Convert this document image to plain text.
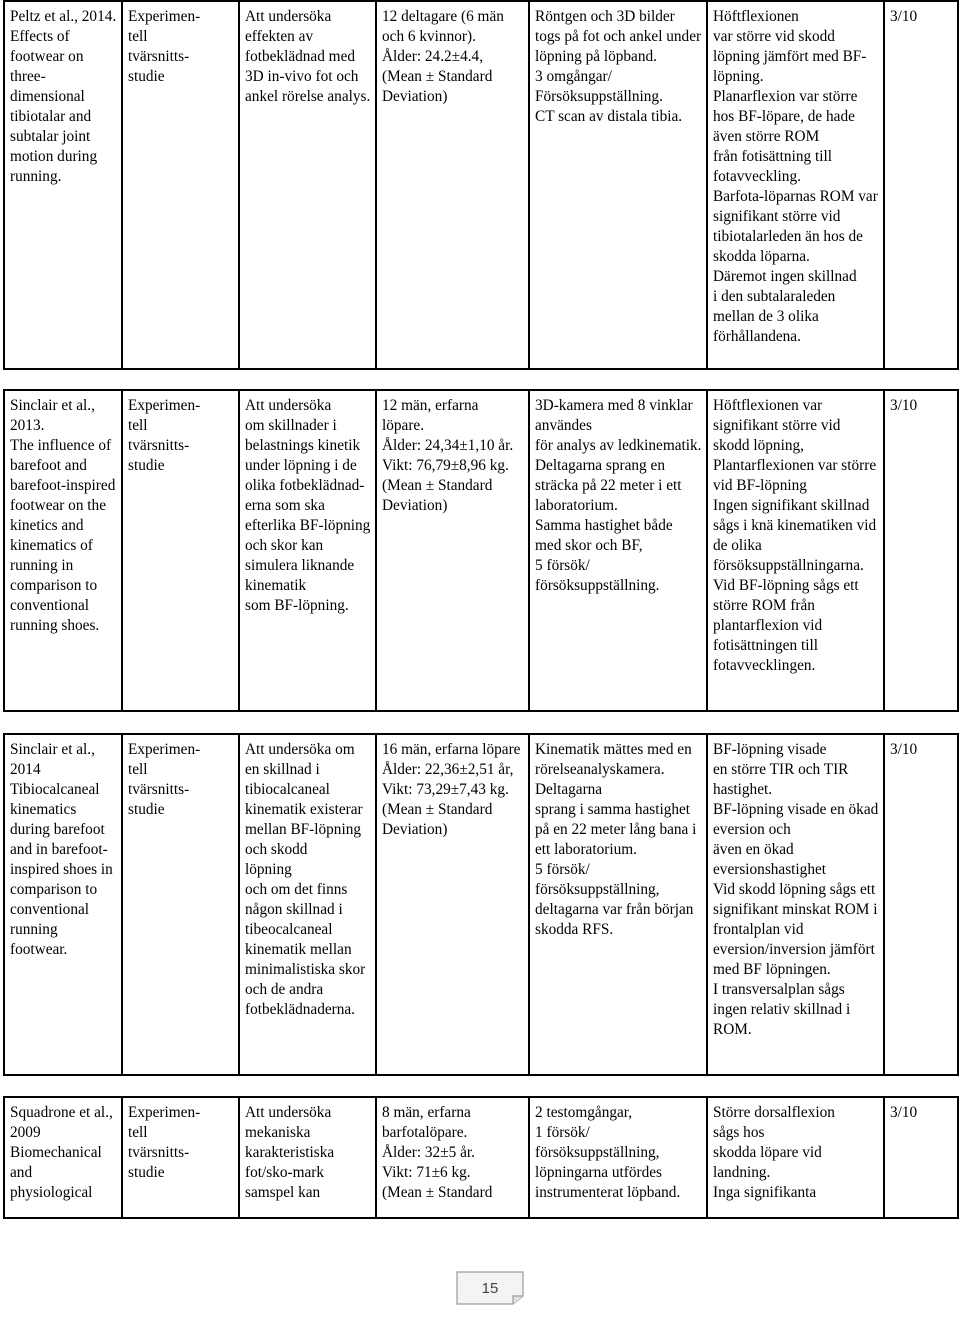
Peltz et al., 2014.
Effects of footwear on three-dimensional tibiotalar and subtalar joint motion during running.	Experimen-
tell
tvärsnitts-
studie	Att undersöka effekten av fotbeklädnad med 3D in-vivo fot och ankel rörelse analys.	12 deltagare (6 män och 6 kvinnor).
Ålder: 24.2±4.4,
(Mean ± Standard Deviation)	Röntgen och 3D bilder togs på fot och ankel under löpning på löpband.
3 omgångar/ Försöksuppställning.
CT scan av distala tibia.	Höftflexionen
var större vid skodd löpning jämfört med BF-löpning.
Planarflexion var större hos BF-löpare, de hade även större ROM
från fotisättning till fotavveckling.
Barfota-löparnas ROM var signifikant större vid tibiotalarleden än hos de skodda löparna.
Däremot ingen skillnad
i den subtalaraleden mellan de 3 olika förhållandena.	3/10
Sinclair et al., 2013.
The influence of barefoot and barefoot-inspired footwear on the kinetics and kinematics of running in comparison to conventional running shoes.	Experimen-
tell
tvärsnitts-
studie	Att undersöka
om skillnader i belastnings kinetik under löpning i de olika fotbeklädnad-
erna som ska efterlika BF-löpning och skor kan simulera liknande
kinematik
som BF-löpning.	12 män, erfarna löpare.
Ålder: 24,34±1,10 år.
Vikt: 76,79±8,96 kg.
(Mean ± Standard Deviation)	3D-kamera med 8 vinklar användes
för analys av ledkinematik.
Deltagarna sprang en sträcka på 22 meter i ett laboratorium.
Samma hastighet både med skor och BF,
5 försök/
försöksuppställning.	Höftflexionen var signifikant större vid skodd löpning,
Plantarflexionen var större vid BF-löpning
Ingen signifikant skillnad sågs i knä kinematiken vid de olika
försöksuppställningarna.
Vid BF-löpning sågs ett större ROM från plantarflexion vid fotisättningen till fotavvecklingen.	3/10
Sinclair et al., 2014
Tibiocalcaneal kinematics during barefoot and in barefoot-inspired shoes in comparison to conventional running footwear.	Experimen-
tell
tvärsnitts-
studie	Att undersöka om en skillnad i tibiocalcaneal kinematik existerar mellan BF-löpning
och skodd
löpning
och om det finns någon skillnad i tibeocalcaneal kinematik mellan minimalistiska skor
och de andra fotbeklädnaderna.	16 män, erfarna löpare
Ålder: 22,36±2,51 år,
Vikt: 73,29±7,43 kg.
(Mean ± Standard Deviation)	Kinematik mättes med en rörelseanalyskamera.
Deltagarna
sprang i samma hastighet på en 22 meter lång bana i
ett laboratorium.
5 försök/ försöksuppställning,
deltagarna var från början skodda RFS.	BF-löpning visade
en större TIR och TIR hastighet.
BF-löpning visade en ökad eversion och
även en ökad eversionshastighet
Vid skodd löpning sågs ett signifikant minskat ROM i frontalplan vid eversion/inversion jämfört med BF löpningen.
I transversalplan sågs ingen relativ skillnad i ROM.	3/10
Squadrone et al., 2009
Biomechanical and physiological	Experimen-
tell
tvärsnitts-
studie	Att undersöka mekaniska karakteristiska fot/sko-mark samspel kan	8 män, erfarna barfotalöpare.
Ålder: 32±5 år.
Vikt: 71±6 kg.
(Mean ± Standard	2 testomgångar,
1 försök/
försöksuppställning,
löpningarna utfördes instrumenterat löpband.	Större dorsalflexion
sågs hos
skodda löpare vid landning.
Inga signifikanta	3/10
15
